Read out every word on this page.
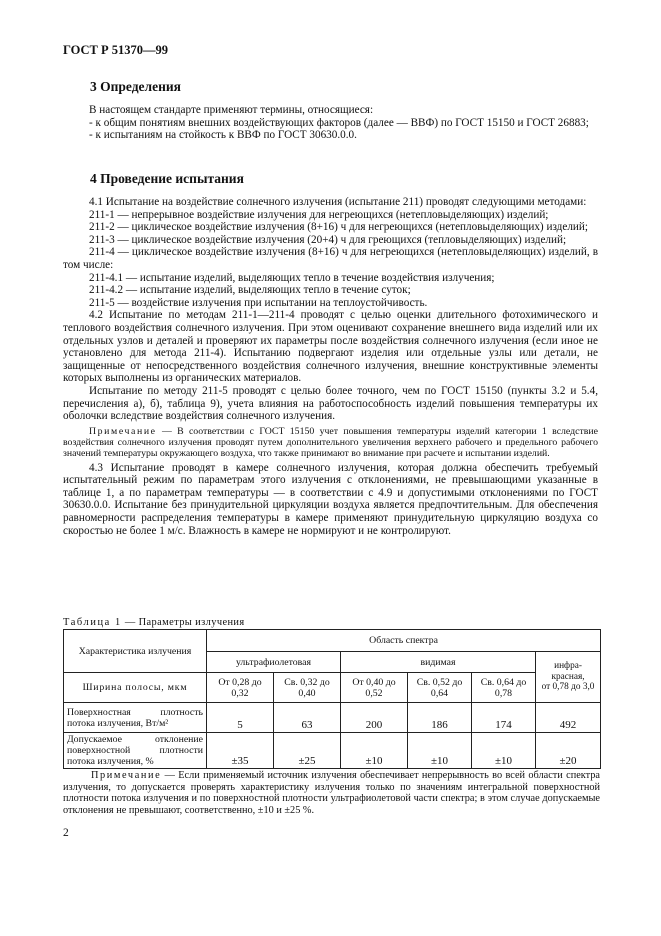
ГОСТ Р 51370—99
3 Определения

В настоящем стандарте применяют термины, относящиеся:

- к общим понятиям внешних воздействующих факторов (далее — ВВФ) по ГОСТ 15150 и ГОСТ 26883;

- к испытаниям на стойкость к ВВФ по ГОСТ 30630.0.0.

4 Проведение испытания

4.1 Испытание на воздействие солнечного излучения (испытание 211) проводят следующими методами:

211-1 — непрерывное воздействие излучения для негреющихся (нетепловыделяющих) изделий;

211-2 — циклическое воздействие излучения (8+16) ч для негреющихся (нетепловыделяющих) изделий;

211-3 — циклическое воздействие излучения (20+4) ч для греющихся (тепловыделяющих) изделий;

211-4 — циклическое воздействие излучения (8+16) ч для негреющихся (нетепловыделяющих) изделий, в том числе:

211-4.1 — испытание изделий, выделяющих тепло в течение воздействия излучения;

211-4.2 — испытание изделий, выделяющих тепло в течение суток;

211-5 — воздействие излучения при испытании на теплоустойчивость.

4.2 Испытание по методам 211-1—211-4 проводят с целью оценки длительного фотохимического и теплового воздействия солнечного излучения. При этом оценивают сохранение внешнего вида изделий или их отдельных узлов и деталей и проверяют их параметры после воздействия солнечного излучения (если иное не установлено для метода 211-4). Испытанию подвергают изделия или отдельные узлы или детали, не защищенные от непосредственного воздействия солнечного излучения, внешние конструктивные элементы которых выполнены из органических материалов.

Испытание по методу 211-5 проводят с целью более точного, чем по ГОСТ 15150 (пункты 3.2 и 5.4, перечисления а), б), таблица 9), учета влияния на работоспособность изделий повышения температуры их оболочки вследствие воздействия солнечного излучения.

Примечание — В соответствии с ГОСТ 15150 учет повышения температуры изделий категории 1 вследствие воздействия солнечного излучения проводят путем дополнительного увеличения верхнего рабочего и предельного рабочего значений температуры окружающего воздуха, что также принимают во внимание при расчете и испытании изделий.

4.3 Испытание проводят в камере солнечного излучения, которая должна обеспечить требуемый испытательный режим по параметрам этого излучения с отклонениями, не превышающими указанные в таблице 1, а по параметрам температуры — в соответствии с 4.9 и допустимыми отклонениями по ГОСТ 30630.0.0. Испытание без принудительной циркуляции воздуха является предпочтительным. Для обеспечения равномерности распределения температуры в камере применяют принудительную циркуляцию воздуха со скоростью не более 1 м/с. Влажность в камере не нормируют и не контролируют.

Таблица 1 — Параметры излучения
Характеристика излучения	Область спектра					
	ультрафиолетовая		видимая			инфра-красная,
от 0,78 до 3,0
Ширина полосы, мкм	От 0,28 до 0,32	Св. 0,32 до 0,40	От 0,40 до 0,52	Св. 0,52 до 0,64	Св. 0,64 до 0,78	
Поверхностная плотность потока излучения, Вт/м²	5	63	200	186	174	492
Допускаемое отклонение поверхностной плотности потока излучения, %	±35	±25	±10	±10	±10	±20

Примечание — Если применяемый источник излучения обеспечивает непрерывность во всей области спектра излучения, то допускается проверять характеристику излучения только по значениям интегральной поверхностной плотности потока излучения и по поверхностной плотности ультрафиолетовой части спектра; в этом случае допускаемые отклонения не превышают, соответственно, ±10 и ±25 %.

2
